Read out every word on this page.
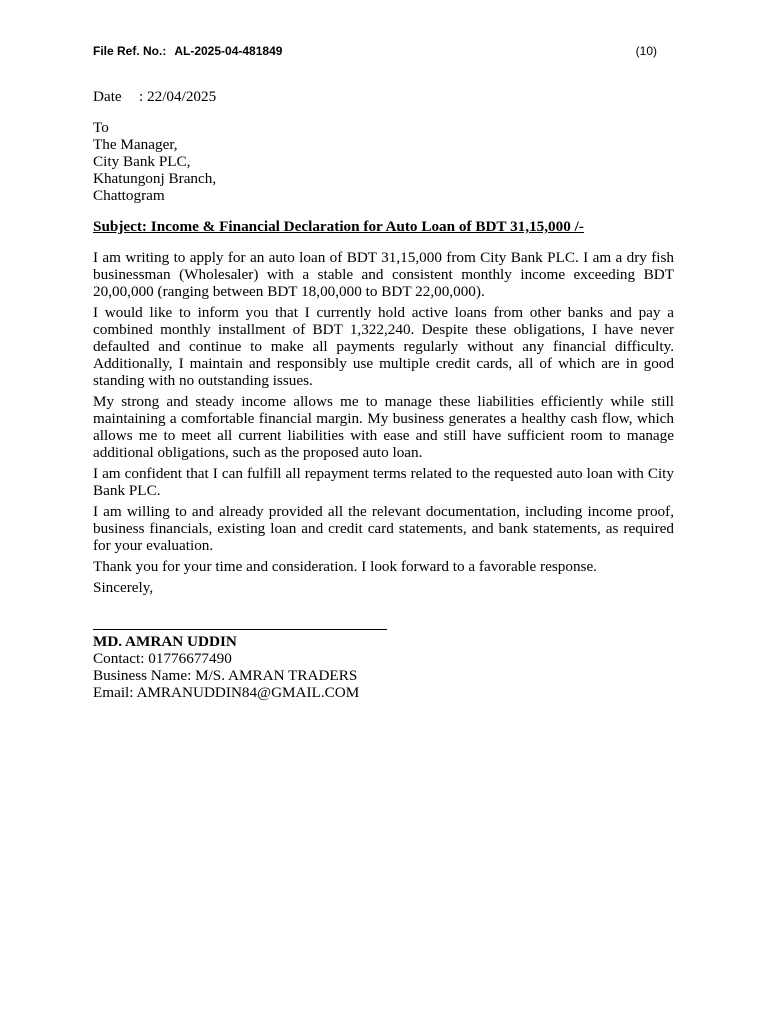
File Ref. No.: AL-2025-04-481849	(10)
Date : 22/04/2025
To
The Manager,
City Bank PLC,
Khatungonj Branch,
Chattogram
Subject: Income & Financial Declaration for Auto Loan of BDT 31,15,000 /-

I am writing to apply for an auto loan of BDT 31,15,000 from City Bank PLC. I am a dry fish businessman (Wholesaler) with a stable and consistent monthly income exceeding BDT 20,00,000 (ranging between BDT 18,00,000 to BDT 22,00,000).

I would like to inform you that I currently hold active loans from other banks and pay a combined monthly installment of BDT 1,322,240. Despite these obligations, I have never defaulted and continue to make all payments regularly without any financial difficulty. Additionally, I maintain and responsibly use multiple credit cards, all of which are in good standing with no outstanding issues.

My strong and steady income allows me to manage these liabilities efficiently while still maintaining a comfortable financial margin. My business generates a healthy cash flow, which allows me to meet all current liabilities with ease and still have sufficient room to manage additional obligations, such as the proposed auto loan.

I am confident that I can fulfill all repayment terms related to the requested auto loan with City Bank PLC.

I am willing to and already provided all the relevant documentation, including income proof, business financials, existing loan and credit card statements, and bank statements, as required for your evaluation.

Thank you for your time and consideration. I look forward to a favorable response.

Sincerely,
MD. AMRAN UDDIN
Contact: 01776677490
Business Name: M/S. AMRAN TRADERS
Email: AMRANUDDIN84@GMAIL.COM
